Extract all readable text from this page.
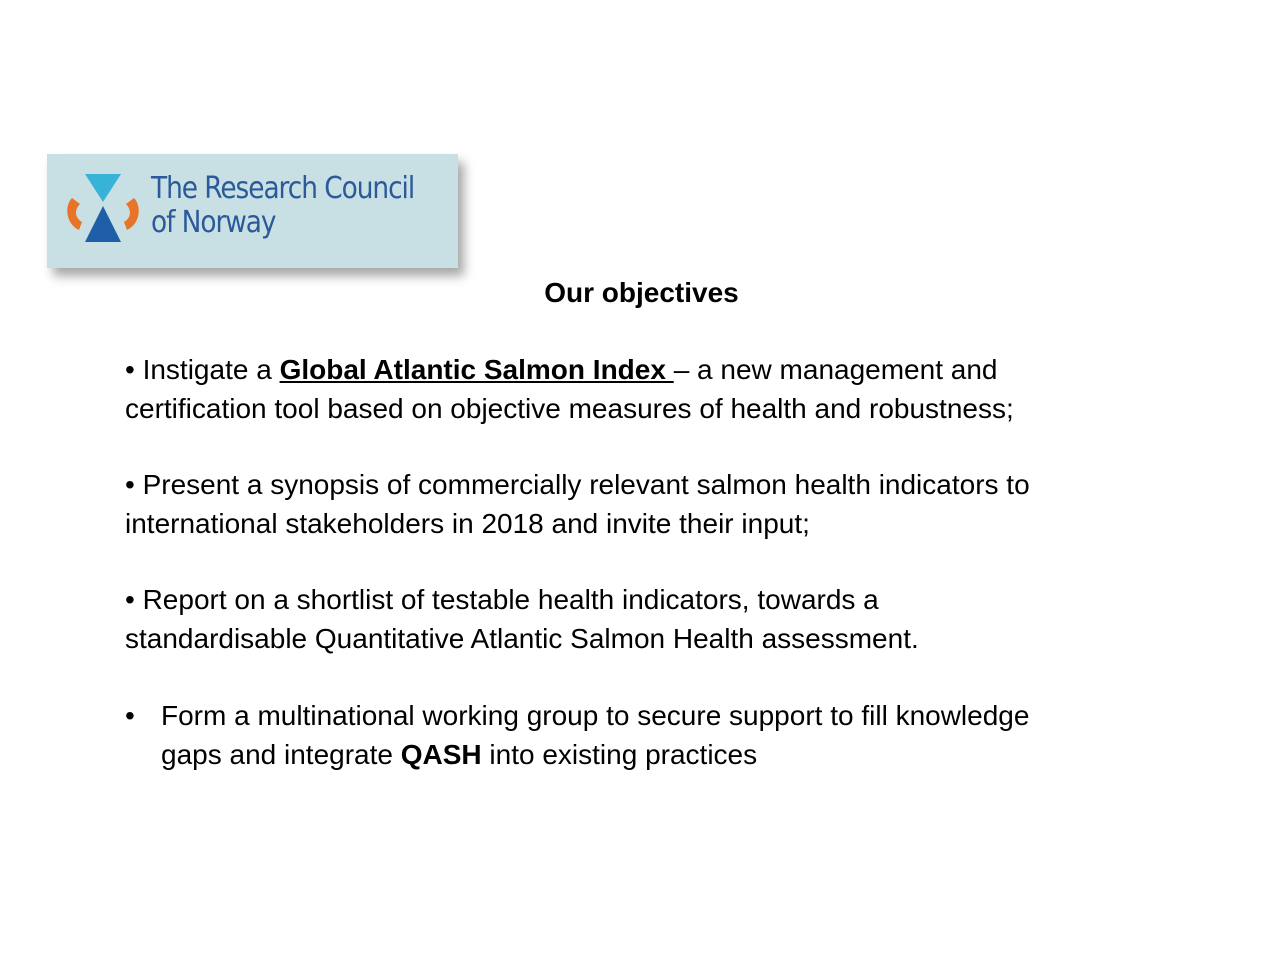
The Research Council
of Norway
Our objectives

• Instigate a Global Atlantic Salmon Index – a new management and
certification tool based on objective measures of health and robustness;

• Present a synopsis of commercially relevant salmon health indicators to
international stakeholders in 2018 and invite their input;

• Report on a shortlist of testable health indicators, towards a
standardisable Quantitative Atlantic Salmon Health assessment.

• Form a multinational working group to secure support to fill knowledge
gaps and integrate QASH into existing practices
